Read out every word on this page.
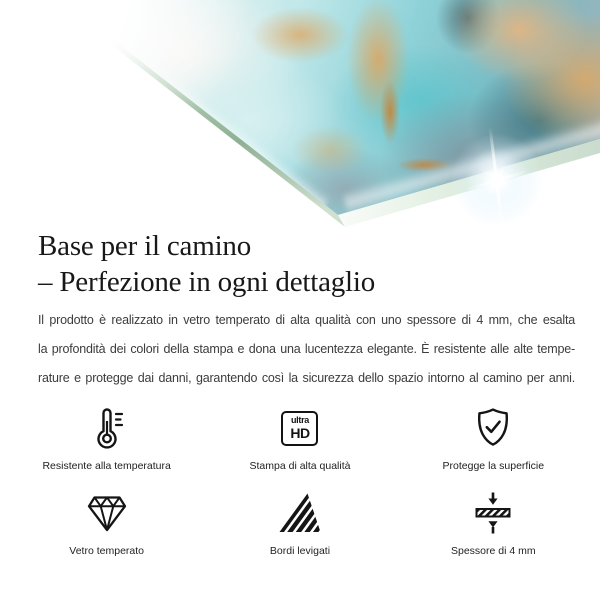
Base per il camino
– Perfezione in ogni dettaglio
Il prodotto è realizzato in vetro temperato di alta qualità con uno spessore di 4 mm, che esalta
la profondità dei colori della stampa e dona una lucentezza elegante. È resistente alle alte tempe-
rature e protegge dai danni, garantendo così la sicurezza dello spazio intorno al camino per anni.
Resistente alla temperatura
ultra
HD
Stampa di alta qualità	Protegge la superficie
Vetro temperato	Bordi levigati	Spessore di 4 mm
